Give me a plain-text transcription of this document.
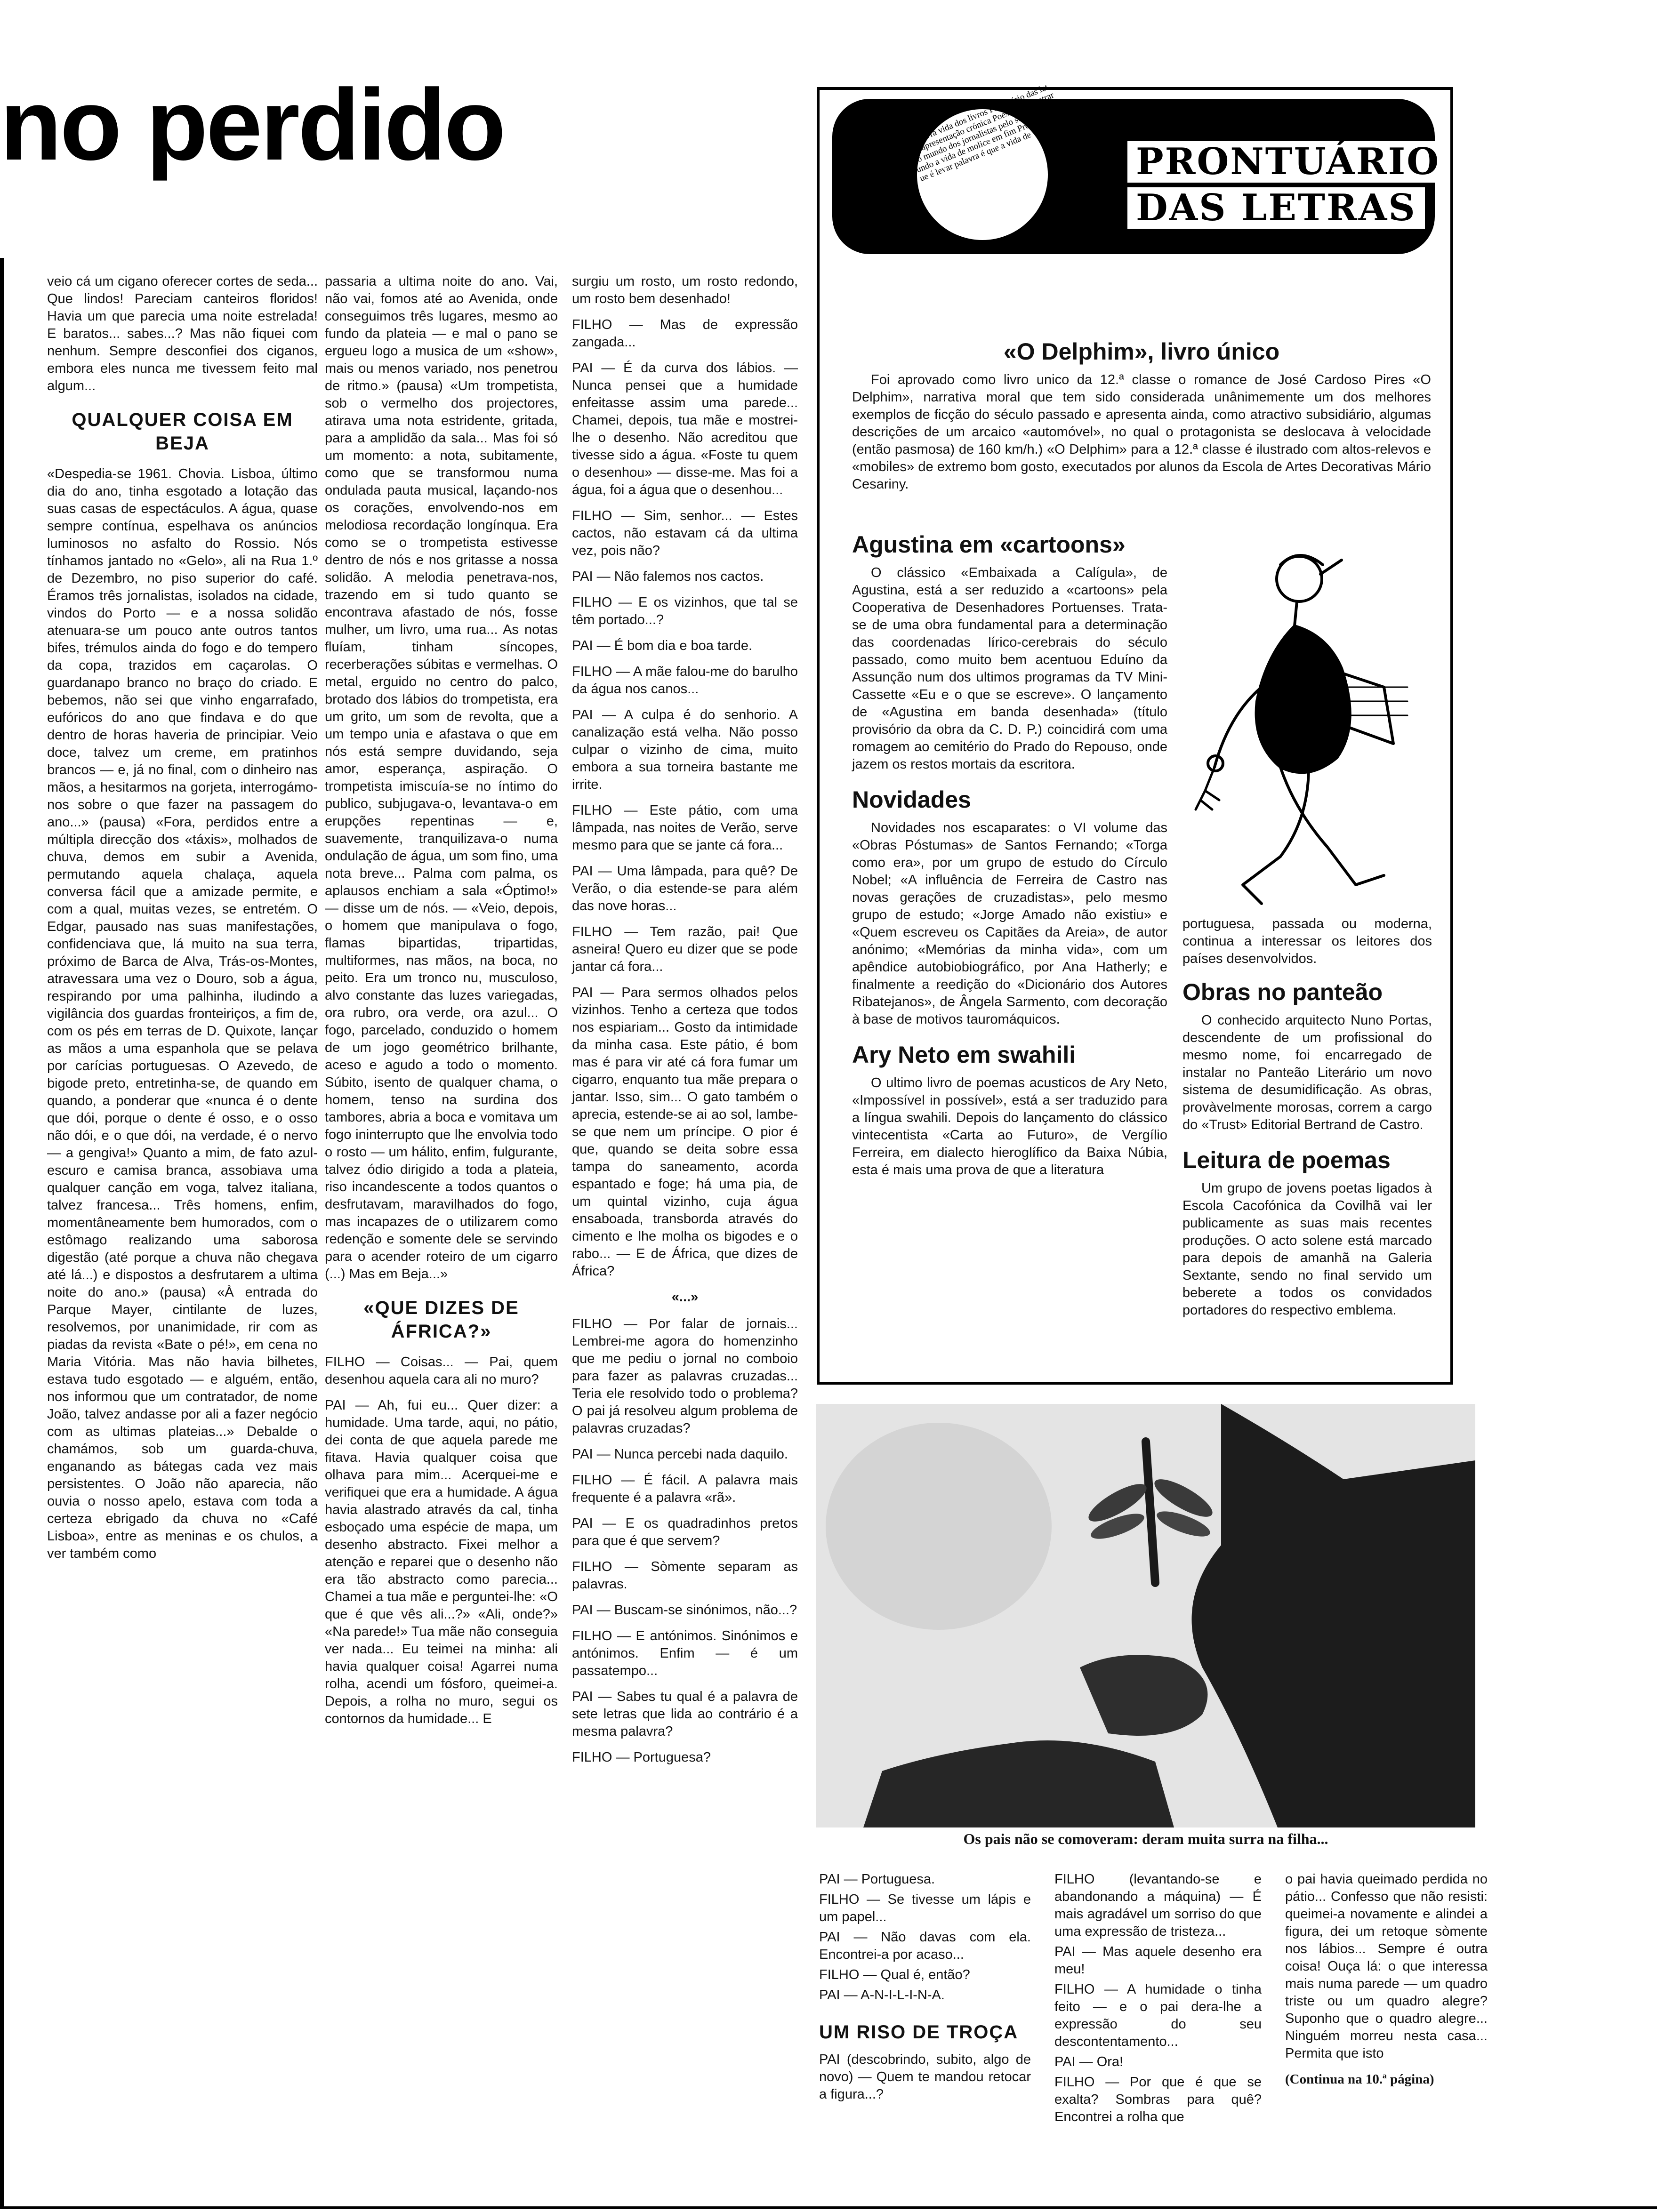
no perdido

veio cá um cigano oferecer cortes de seda... Que lindos! Pareciam canteiros floridos! Havia um que parecia uma noite estrelada! E baratos... sabes...? Mas não fiquei com nenhum. Sempre desconfiei dos ciganos, embora eles nunca me tivessem feito mal algum...

QUALQUER COISA EM BEJA

«Despedia-se 1961. Chovia. Lisboa, último dia do ano, tinha esgotado a lotação das suas casas de espectáculos. A água, quase sempre contínua, espelhava os anúncios luminosos no asfalto do Rossio. Nós tínhamos jantado no «Gelo», ali na Rua 1.º de Dezembro, no piso superior do café. Éramos três jornalistas, isolados na cidade, vindos do Porto — e a nossa solidão atenuara-se um pouco ante outros tantos bifes, trémulos ainda do fogo e do tempero da copa, trazidos em caçarolas. O guardanapo branco no braço do criado. E bebemos, não sei que vinho engarrafado, eufóricos do ano que findava e do que dentro de horas haveria de principiar. Veio doce, talvez um creme, em pratinhos brancos — e, já no final, com o dinheiro nas mãos, a hesitarmos na gorjeta, interrogámo-nos sobre o que fazer na passagem do ano...» (pausa) «Fora, perdidos entre a múltipla direcção dos «táxis», molhados de chuva, demos em subir a Avenida, permutando aquela chalaça, aquela conversa fácil que a amizade permite, e com a qual, muitas vezes, se entretém. O Edgar, pausado nas suas manifestações, confidenciava que, lá muito na sua terra, próximo de Barca de Alva, Trás-os-Montes, atravessara uma vez o Douro, sob a água, respirando por uma palhinha, iludindo a vigilância dos guardas fronteiriços, a fim de, com os pés em terras de D. Quixote, lançar as mãos a uma espanhola que se pelava por carícias portuguesas. O Azevedo, de bigode preto, entretinha-se, de quando em quando, a ponderar que «nunca é o dente que dói, porque o dente é osso, e o osso não dói, e o que dói, na verdade, é o nervo — a gengiva!» Quanto a mim, de fato azul-escuro e camisa branca, assobiava uma qualquer canção em voga, talvez italiana, talvez francesa... Três homens, enfim, momentâneamente bem humorados, com o estômago realizando uma saborosa digestão (até porque a chuva não chegava até lá...) e dispostos a desfrutarem a ultima noite do ano.» (pausa) «À entrada do Parque Mayer, cintilante de luzes, resolvemos, por unanimidade, rir com as piadas da revista «Bate o pé!», em cena no Maria Vitória. Mas não havia bilhetes, estava tudo esgotado — e alguém, então, nos informou que um contratador, de nome João, talvez andasse por ali a fazer negócio com as ultimas plateias...» Debalde o chamámos, sob um guarda-chuva, enganando as bátegas cada vez mais persistentes. O João não aparecia, não ouvia o nosso apelo, estava com toda a certeza ebrigado da chuva no «Café Lisboa», entre as meninas e os chulos, a ver também como

passaria a ultima noite do ano. Vai, não vai, fomos até ao Avenida, onde conseguimos três lugares, mesmo ao fundo da plateia — e mal o pano se ergueu logo a musica de um «show», mais ou menos variado, nos penetrou de ritmo.» (pausa) «Um trompetista, sob o vermelho dos projectores, atirava uma nota estridente, gritada, para a amplidão da sala... Mas foi só um momento: a nota, subitamente, como que se transformou numa ondulada pauta musical, laçando-nos os corações, envolvendo-nos em melodiosa recordação longínqua. Era como se o trompetista estivesse dentro de nós e nos gritasse a nossa solidão. A melodia penetrava-nos, trazendo em si tudo quanto se encontrava afastado de nós, fosse mulher, um livro, uma rua... As notas fluíam, tinham síncopes, recerberações súbitas e vermelhas. O metal, erguido no centro do palco, brotado dos lábios do trompetista, era um grito, um som de revolta, que a um tempo unia e afastava o que em nós está sempre duvidando, seja amor, esperança, aspiração. O trompetista imiscuía-se no íntimo do publico, subjugava-o, levantava-o em erupções repentinas — e, suavemente, tranquilizava-o numa ondulação de água, um som fino, uma nota breve... Palma com palma, os aplausos enchiam a sala «Óptimo!» — disse um de nós. — «Veio, depois, o homem que manipulava o fogo, flamas bipartidas, tripartidas, multiformes, nas mãos, na boca, no peito. Era um tronco nu, musculoso, alvo constante das luzes variegadas, ora rubro, ora verde, ora azul... O fogo, parcelado, conduzido o homem de um jogo geométrico brilhante, aceso e agudo a todo o momento. Súbito, isento de qualquer chama, o homem, tenso na surdina dos tambores, abria a boca e vomitava um fogo ininterrupto que lhe envolvia todo o rosto — um hálito, enfim, fulgurante, talvez ódio dirigido a toda a plateia, riso incandescente a todos quantos o desfrutavam, maravilhados do fogo, mas incapazes de o utilizarem como redenção e somente dele se servindo para o acender roteiro de um cigarro (...) Mas em Beja...»

«QUE DIZES DE ÁFRICA?»

FILHO — Coisas... — Pai, quem desenhou aquela cara ali no muro?

PAI — Ah, fui eu... Quer dizer: a humidade. Uma tarde, aqui, no pátio, dei conta de que aquela parede me fitava. Havia qualquer coisa que olhava para mim... Acerquei-me e verifiquei que era a humidade. A água havia alastrado através da cal, tinha esboçado uma espécie de mapa, um desenho abstracto. Fixei melhor a atenção e reparei que o desenho não era tão abstracto como parecia... Chamei a tua mãe e perguntei-lhe: «O que é que vês ali...?» «Ali, onde?» «Na parede!» Tua mãe não conseguia ver nada... Eu teimei na minha: ali havia qualquer coisa! Agarrei numa rolha, acendi um fósforo, queimei-a. Depois, a rolha no muro, segui os contornos da humidade... E

surgiu um rosto, um rosto redondo, um rosto bem desenhado!

FILHO — Mas de expressão zangada...

PAI — É da curva dos lábios. — Nunca pensei que a humidade enfeitasse assim uma parede... Chamei, depois, tua mãe e mostrei-lhe o desenho. Não acreditou que tivesse sido a água. «Foste tu quem o desenhou» — disse-me. Mas foi a água, foi a água que o desenhou...

FILHO — Sim, senhor... — Estes cactos, não estavam cá da ultima vez, pois não?

PAI — Não falemos nos cactos.

FILHO — E os vizinhos, que tal se têm portado...?

PAI — É bom dia e boa tarde.

FILHO — A mãe falou-me do barulho da água nos canos...

PAI — A culpa é do senhorio. A canalização está velha. Não posso culpar o vizinho de cima, muito embora a sua torneira bastante me irrite.

FILHO — Este pátio, com uma lâmpada, nas noites de Verão, serve mesmo para que se jante cá fora...

PAI — Uma lâmpada, para quê? De Verão, o dia estende-se para além das nove horas...

FILHO — Tem razão, pai! Que asneira! Quero eu dizer que se pode jantar cá fora...

PAI — Para sermos olhados pelos vizinhos. Tenho a certeza que todos nos espiariam... Gosto da intimidade da minha casa. Este pátio, é bom mas é para vir até cá fora fumar um cigarro, enquanto tua mãe prepara o jantar. Isso, sim... O gato também o aprecia, estende-se ai ao sol, lambe-se que nem um príncipe. O pior é que, quando se deita sobre essa tampa do saneamento, acorda espantado e foge; há uma pia, de um quintal vizinho, cuja água ensaboada, transborda através do cimento e lhe molha os bigodes e o rabo... — E de África, que dizes de África?

«...»

FILHO — Por falar de jornais... Lembrei-me agora do homenzinho que me pediu o jornal no comboio para fazer as palavras cruzadas... Teria ele resolvido todo o problema? O pai já resolveu algum problema de palavras cruzadas?

PAI — Nunca percebi nada daquilo.

FILHO — É fácil. A palavra mais frequente é a palavra «rã».

PAI — E os quadradinhos pretos para que é que servem?

FILHO — Sòmente separam as palavras.

PAI — Buscam-se sinónimos, não...?

FILHO — E antónimos. Sinónimos e antónimos. Enfim — é um passatempo...

PAI — Sabes tu qual é a palavra de sete letras que lida ao contrário é a mesma palavra?

FILHO — Portuguesa?

a palavra vida dos livros Prontuário das letras apresentação crónica Poesia de penetrar no mundo dos jornalistas pelo sentido de mundo a vida de molice em fim Prontuário que é levar palavra é que a vida de	PRONTUÁRIO
DAS LETRAS
«O Delphim», livro único

Foi aprovado como livro unico da 12.ª classe o romance de José Cardoso Pires «O Delphim», narrativa moral que tem sido considerada unânimemente um dos melhores exemplos de ficção do século passado e apresenta ainda, como atractivo subsidiário, algumas descrições de um arcaico «automóvel», no qual o protagonista se deslocava à velocidade (então pasmosa) de 160 km/h.) «O Delphim» para a 12.ª classe é ilustrado com altos-relevos e «mobiles» de extremo bom gosto, executados por alunos da Escola de Artes Decorativas Mário Cesariny.

Agustina em «cartoons»

O clássico «Embaixada a Calígula», de Agustina, está a ser reduzido a «cartoons» pela Cooperativa de Desenhadores Portuenses. Trata-se de uma obra fundamental para a determinação das coordenadas lírico-cerebrais do século passado, como muito bem acentuou Eduíno da Assunção num dos ultimos programas da TV Mini-Cassette «Eu e o que se escreve». O lançamento de «Agustina em banda desenhada» (título provisório da obra da C. D. P.) coincidirá com uma romagem ao cemitério do Prado do Repouso, onde jazem os restos mortais da escritora.

Novidades

Novidades nos escaparates: o VI volume das «Obras Póstumas» de Santos Fernando; «Torga como era», por um grupo de estudo do Círculo Nobel; «A influência de Ferreira de Castro nas novas gerações de cruzadistas», pelo mesmo grupo de estudo; «Jorge Amado não existiu» e «Quem escreveu os Capitães da Areia», de autor anónimo; «Memórias da minha vida», com um apêndice autobiobiográfico, por Ana Hatherly; e finalmente a reedição do «Dicionário dos Autores Ribatejanos», de Ângela Sarmento, com decoração à base de motivos tauromáquicos.

Ary Neto em swahili

O ultimo livro de poemas acusticos de Ary Neto, «Impossível in possível», está a ser traduzido para a língua swahili. Depois do lançamento do clássico vintecentista «Carta ao Futuro», de Vergílio Ferreira, em dialecto hieroglífico da Baixa Núbia, esta é mais uma prova de que a literatura

portuguesa, passada ou moderna, continua a interessar os leitores dos países desenvolvidos.

Obras no panteão

O conhecido arquitecto Nuno Portas, descendente de um profissional do mesmo nome, foi encarregado de instalar no Panteão Literário um novo sistema de desumidificação. As obras, provàvelmente morosas, correm a cargo do «Trust» Editorial Bertrand de Castro.

Leitura de poemas

Um grupo de jovens poetas ligados à Escola Cacofónica da Covilhã vai ler publicamente as suas mais recentes produções. O acto solene está marcado para depois de amanhã na Galeria Sextante, sendo no final servido um beberete a todos os convidados portadores do respectivo emblema.

Os pais não se comoveram: deram muita surra na filha...

PAI — Portuguesa.

FILHO — Se tivesse um lápis e um papel...

PAI — Não davas com ela. Encontrei-a por acaso...

FILHO — Qual é, então?

PAI — A-N-I-L-I-N-A.

UM RISO DE TROÇA

PAI (descobrindo, subito, algo de novo) — Quem te mandou retocar a figura...?

FILHO (levantando-se e abandonando a máquina) — É mais agradável um sorriso do que uma expressão de tristeza...

PAI — Mas aquele desenho era meu!

FILHO — A humidade o tinha feito — e o pai dera-lhe a expressão do seu descontentamento...

PAI — Ora!

FILHO — Por que é que se exalta? Sombras para quê? Encontrei a rolha que

o pai havia queimado perdida no pátio... Confesso que não resisti: queimei-a novamente e alindei a figura, dei um retoque sòmente nos lábios... Sempre é outra coisa! Ouça lá: o que interessa mais numa parede — um quadro triste ou um quadro alegre? Suponho que o quadro alegre... Ninguém morreu nesta casa... Permita que isto

(Continua na 10.ª página)
